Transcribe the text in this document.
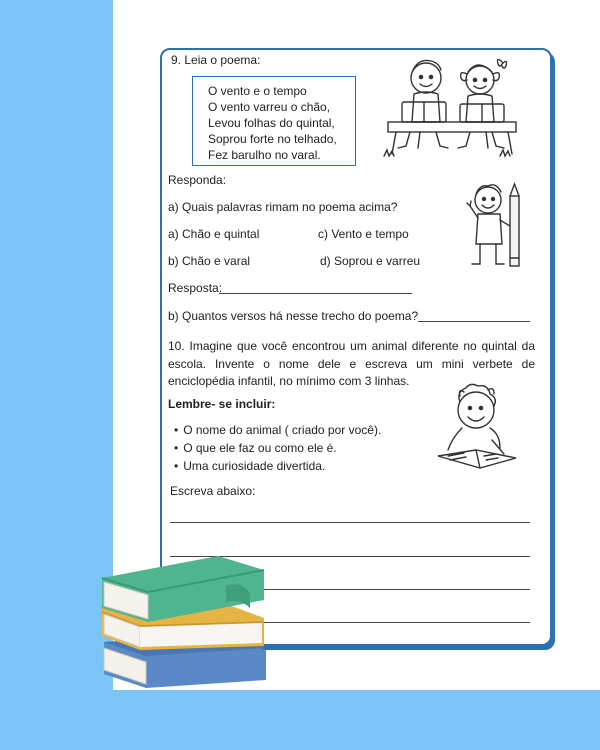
9. Leia o poema:
O vento e o tempo
O vento varreu o chão,
Levou folhas do quintal,
Soprou forte no telhado,
Fez barulho no varal.
Responda:
a) Quais palavras rimam no poema acima?
a) Chão e quintal	c) Vento e tempo
b) Chão e varal	d) Soprou e varreu
Resposta:
b) Quantos versos há nesse trecho do poema?
10. Imagine que você encontrou um animal diferente no quintal da escola. Invente o nome dele e escreva um mini verbete de enciclopédia infantil, no mínimo com 3 linhas.
Lembre- se incluir:
• O nome do animal ( criado por você).
• O que ele faz ou como ele é.
• Uma curiosidade divertida.
Escreva abaixo:
